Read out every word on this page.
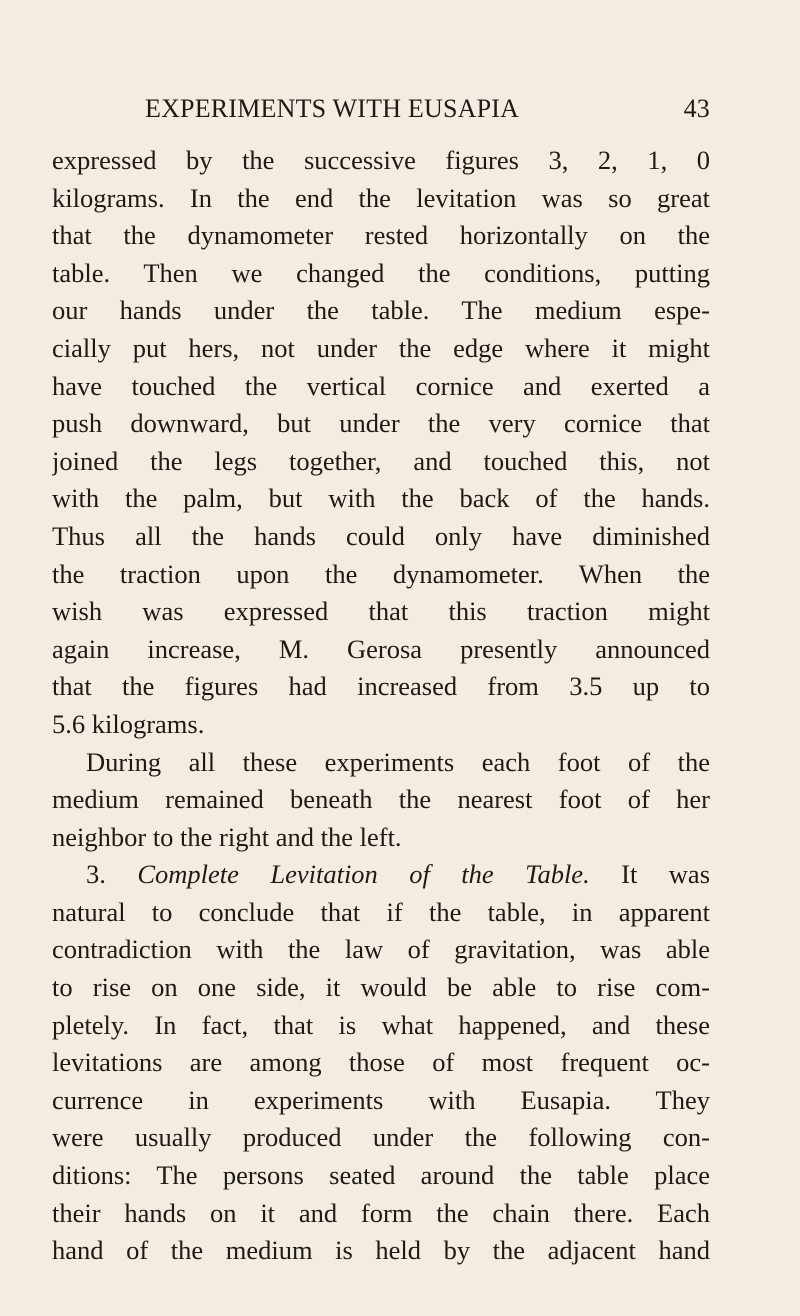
EXPERIMENTS WITH EUSAPIA	43
expressed by the successive figures 3, 2, 1, 0
kilograms. In the end the levitation was so great
that the dynamometer rested horizontally on the
table. Then we changed the conditions, putting
our hands under the table. The medium espe-
cially put hers, not under the edge where it might
have touched the vertical cornice and exerted a
push downward, but under the very cornice that
joined the legs together, and touched this, not
with the palm, but with the back of the hands.
Thus all the hands could only have diminished
the traction upon the dynamometer. When the
wish was expressed that this traction might
again increase, M. Gerosa presently announced
that the figures had increased from 3.5 up to
5.6 kilograms.
During all these experiments each foot of the
medium remained beneath the nearest foot of her
neighbor to the right and the left.
3. Complete Levitation of the Table. It was
natural to conclude that if the table, in apparent
contradiction with the law of gravitation, was able
to rise on one side, it would be able to rise com-
pletely. In fact, that is what happened, and these
levitations are among those of most frequent oc-
currence in experiments with Eusapia. They
were usually produced under the following con-
ditions: The persons seated around the table place
their hands on it and form the chain there. Each
hand of the medium is held by the adjacent hand
